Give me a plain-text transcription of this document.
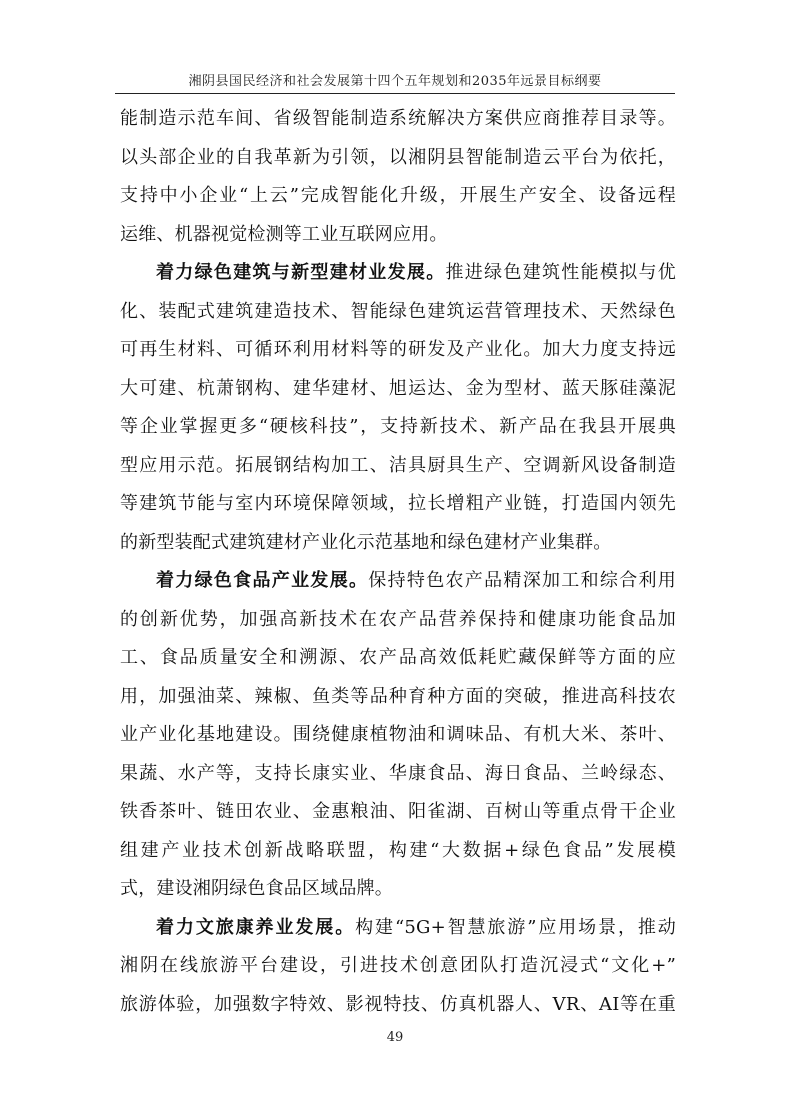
湘阴县国民经济和社会发展第十四个五年规划和2035年远景目标纲要
能制造示范车间、省级智能制造系统解决方案供应商推荐目录等。
以头部企业的自我革新为引领，以湘阴县智能制造云平台为依托，
支持中小企业“上云”完成智能化升级，开展生产安全、设备远程
运维、机器视觉检测等工业互联网应用。
着力绿色建筑与新型建材业发展。推进绿色建筑性能模拟与优
化、装配式建筑建造技术、智能绿色建筑运营管理技术、天然绿色
可再生材料、可循环利用材料等的研发及产业化。加大力度支持远
大可建、杭萧钢构、建华建材、旭运达、金为型材、蓝天豚硅藻泥
等企业掌握更多“硬核科技”，支持新技术、新产品在我县开展典
型应用示范。拓展钢结构加工、洁具厨具生产、空调新风设备制造
等建筑节能与室内环境保障领域，拉长增粗产业链，打造国内领先
的新型装配式建筑建材产业化示范基地和绿色建材产业集群。
着力绿色食品产业发展。保持特色农产品精深加工和综合利用
的创新优势，加强高新技术在农产品营养保持和健康功能食品加
工、食品质量安全和溯源、农产品高效低耗贮藏保鲜等方面的应
用，加强油菜、辣椒、鱼类等品种育种方面的突破，推进高科技农
业产业化基地建设。围绕健康植物油和调味品、有机大米、茶叶、
果蔬、水产等，支持长康实业、华康食品、海日食品、兰岭绿态、
铁香茶叶、链田农业、金惠粮油、阳雀湖、百树山等重点骨干企业
组建产业技术创新战略联盟，构建“大数据+绿色食品”发展模
式，建设湘阴绿色食品区域品牌。
着力文旅康养业发展。构建“5G+智慧旅游”应用场景，推动
湘阴在线旅游平台建设，引进技术创意团队打造沉浸式“文化+”
旅游体验，加强数字特效、影视特技、仿真机器人、VR、AI等在重
49
